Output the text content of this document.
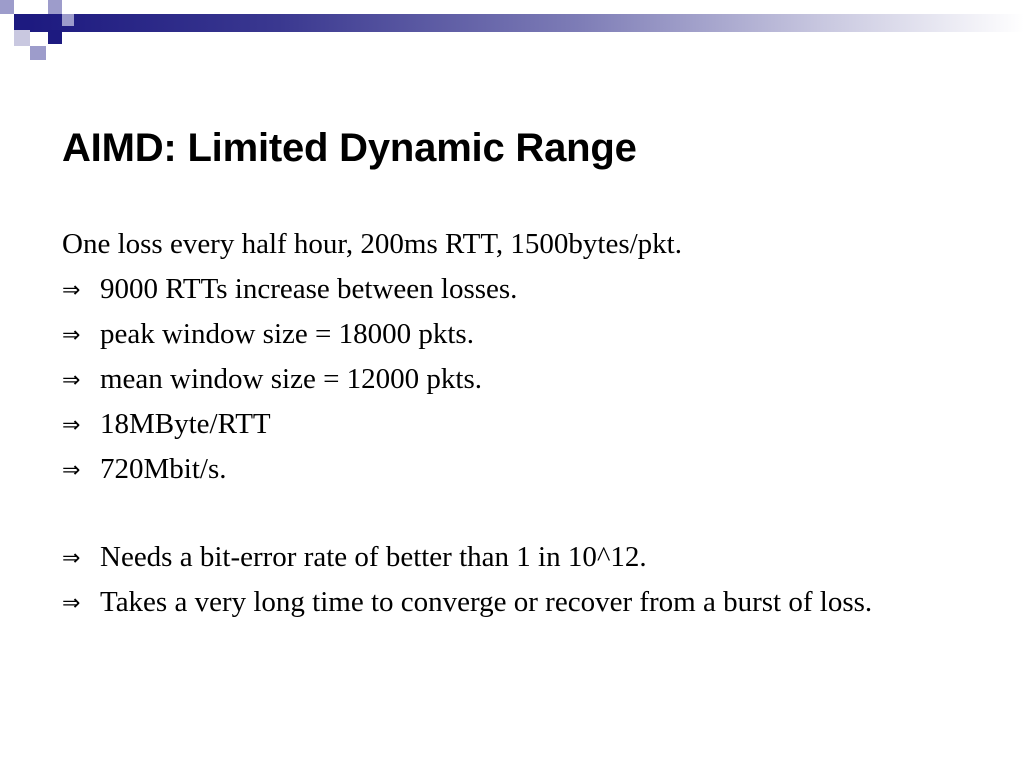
AIMD: Limited Dynamic Range
One loss every half hour, 200ms RTT, 1500bytes/pkt.
⇒ 9000 RTTs increase between losses.
⇒ peak window size = 18000 pkts.
⇒ mean window size = 12000 pkts.
⇒ 18MByte/RTT
⇒ 720Mbit/s.
⇒ Needs a bit-error rate of better than 1 in 10^12.
⇒ Takes a very long time to converge or recover from a burst of loss.
